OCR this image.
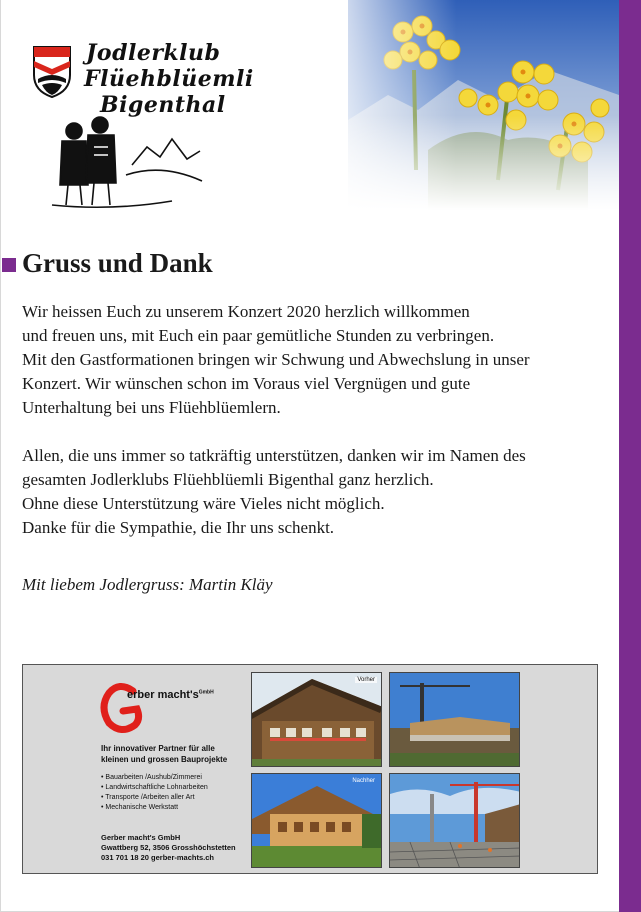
Jodlerklub
Flüehblüemli
Bigenthal
Gruss und Dank
Wir heissen Euch zu unserem Konzert 2020 herzlich willkommen
und freuen uns, mit Euch ein paar gemütliche Stunden zu verbringen.
Mit den Gastformationen bringen wir Schwung und Abwechslung in unser
Konzert. Wir wünschen schon im Voraus viel Vergnügen und gute
Unterhaltung bei uns Flüehblüemlern.
Allen, die uns immer so tatkräftig unterstützen, danken wir im Namen des
gesamten Jodlerklubs Flüehblüemli Bigenthal ganz herzlich.
Ohne diese Unterstützung wäre Vieles nicht möglich.
Danke für die Sympathie, die Ihr uns schenkt.
Mit liebem Jodlergruss: Martin Kläy
erber $macht's^{GmbH}$
Ihr innovativer Partner für alle
kleinen und grossen Bauprojekte
• Bauarbeiten /Aushub/Zimmerei
• Landwirtschaftliche Lohnarbeiten
• Transporte /Arbeiten aller Art
• Mechanische Werkstatt
Gerber macht's GmbH
Gwattberg 52, 3506 Grosshöchstetten
031 701 18 20 gerber-machts.ch
Vorher
Nachher
